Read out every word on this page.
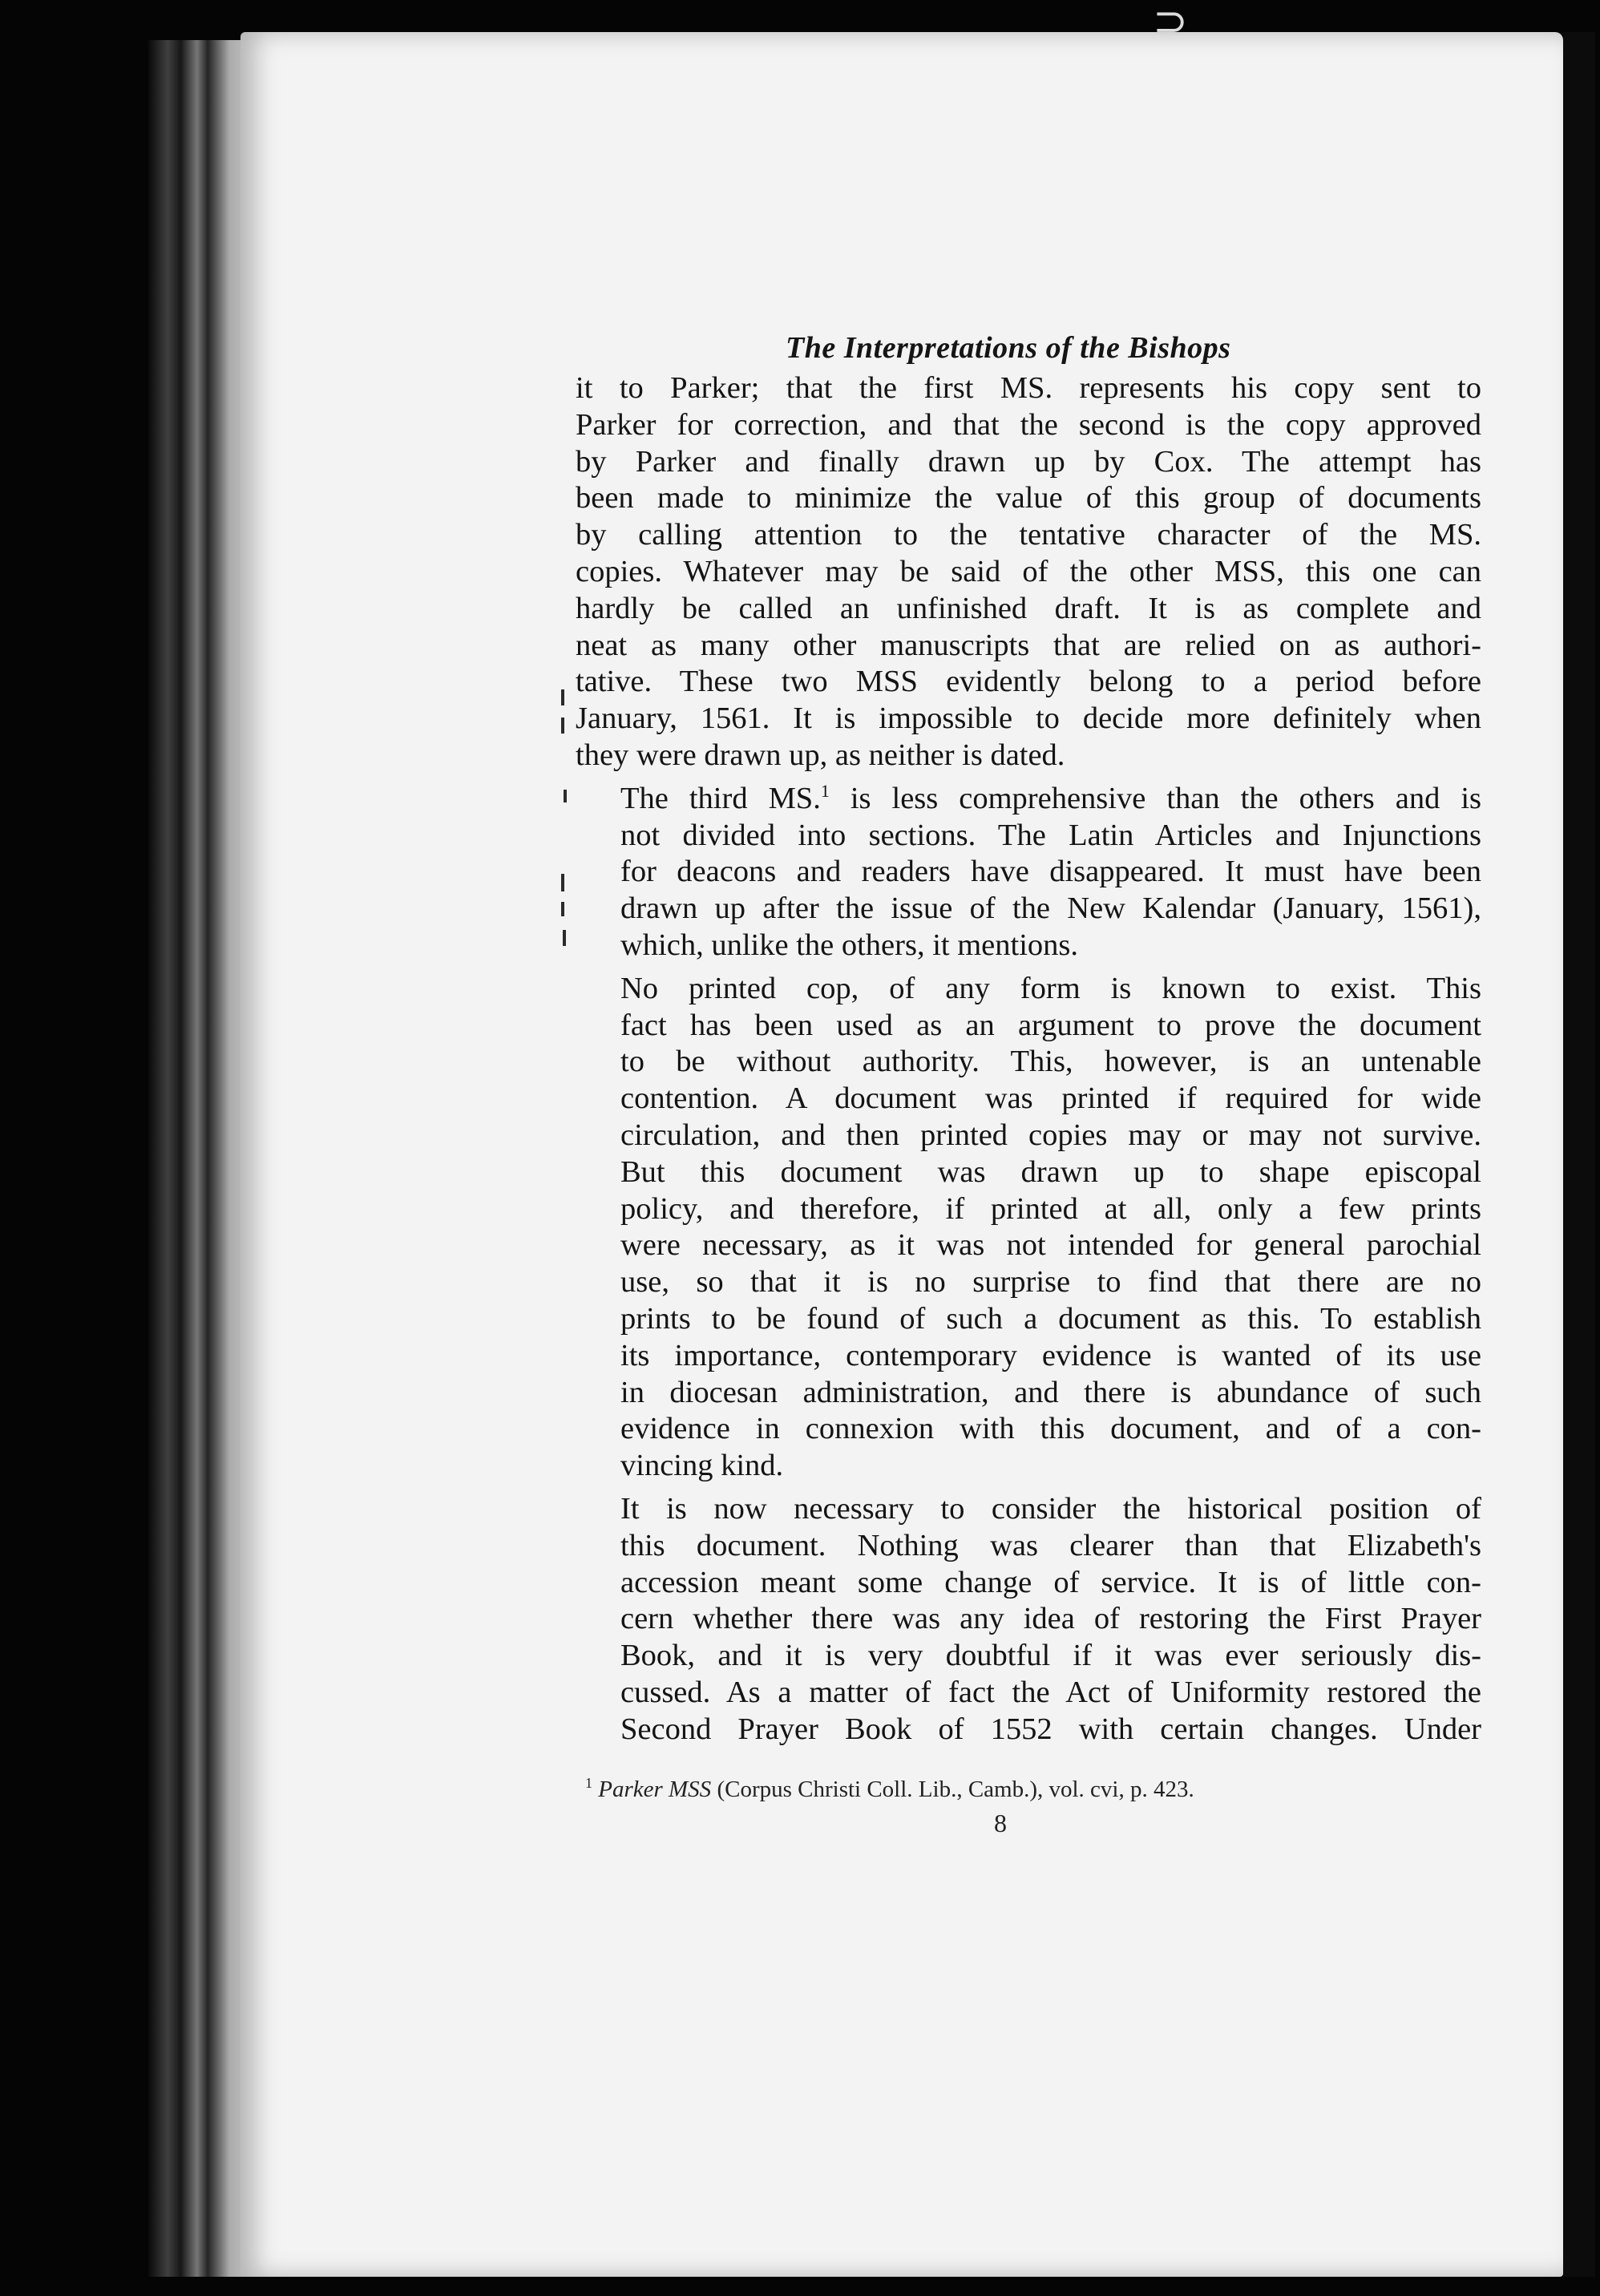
⊃
The Interpretations of the Bishops
it to Parker; that the first MS. represents his copy sent to
Parker for correction, and that the second is the copy approved
by Parker and finally drawn up by Cox. The attempt has
been made to minimize the value of this group of documents
by calling attention to the tentative character of the MS.
copies. Whatever may be said of the other MSS, this one can
hardly be called an unfinished draft. It is as complete and
neat as many other manuscripts that are relied on as authori-
tative. These two MSS evidently belong to a period before
January, 1561. It is impossible to decide more definitely when
they were drawn up, as neither is dated.
The third MS.$^1$ is less comprehensive than the others and is
not divided into sections. The Latin Articles and Injunctions
for deacons and readers have disappeared. It must have been
drawn up after the issue of the New Kalendar (January, 1561),
which, unlike the others, it mentions.
No printed cop, of any form is known to exist. This
fact has been used as an argument to prove the document
to be without authority. This, however, is an untenable
contention. A document was printed if required for wide
circulation, and then printed copies may or may not survive.
But this document was drawn up to shape episcopal
policy, and therefore, if printed at all, only a few prints
were necessary, as it was not intended for general parochial
use, so that it is no surprise to find that there are no
prints to be found of such a document as this. To establish
its importance, contemporary evidence is wanted of its use
in diocesan administration, and there is abundance of such
evidence in connexion with this document, and of a con-
vincing kind.
It is now necessary to consider the historical position of
this document. Nothing was clearer than that Elizabeth's
accession meant some change of service. It is of little con-
cern whether there was any idea of restoring the First Prayer
Book, and it is very doubtful if it was ever seriously dis-
cussed. As a matter of fact the Act of Uniformity restored the
Second Prayer Book of 1552 with certain changes. Under
$^1$ Parker MSS (Corpus Christi Coll. Lib., Camb.), vol. cvi, p. 423.
8
